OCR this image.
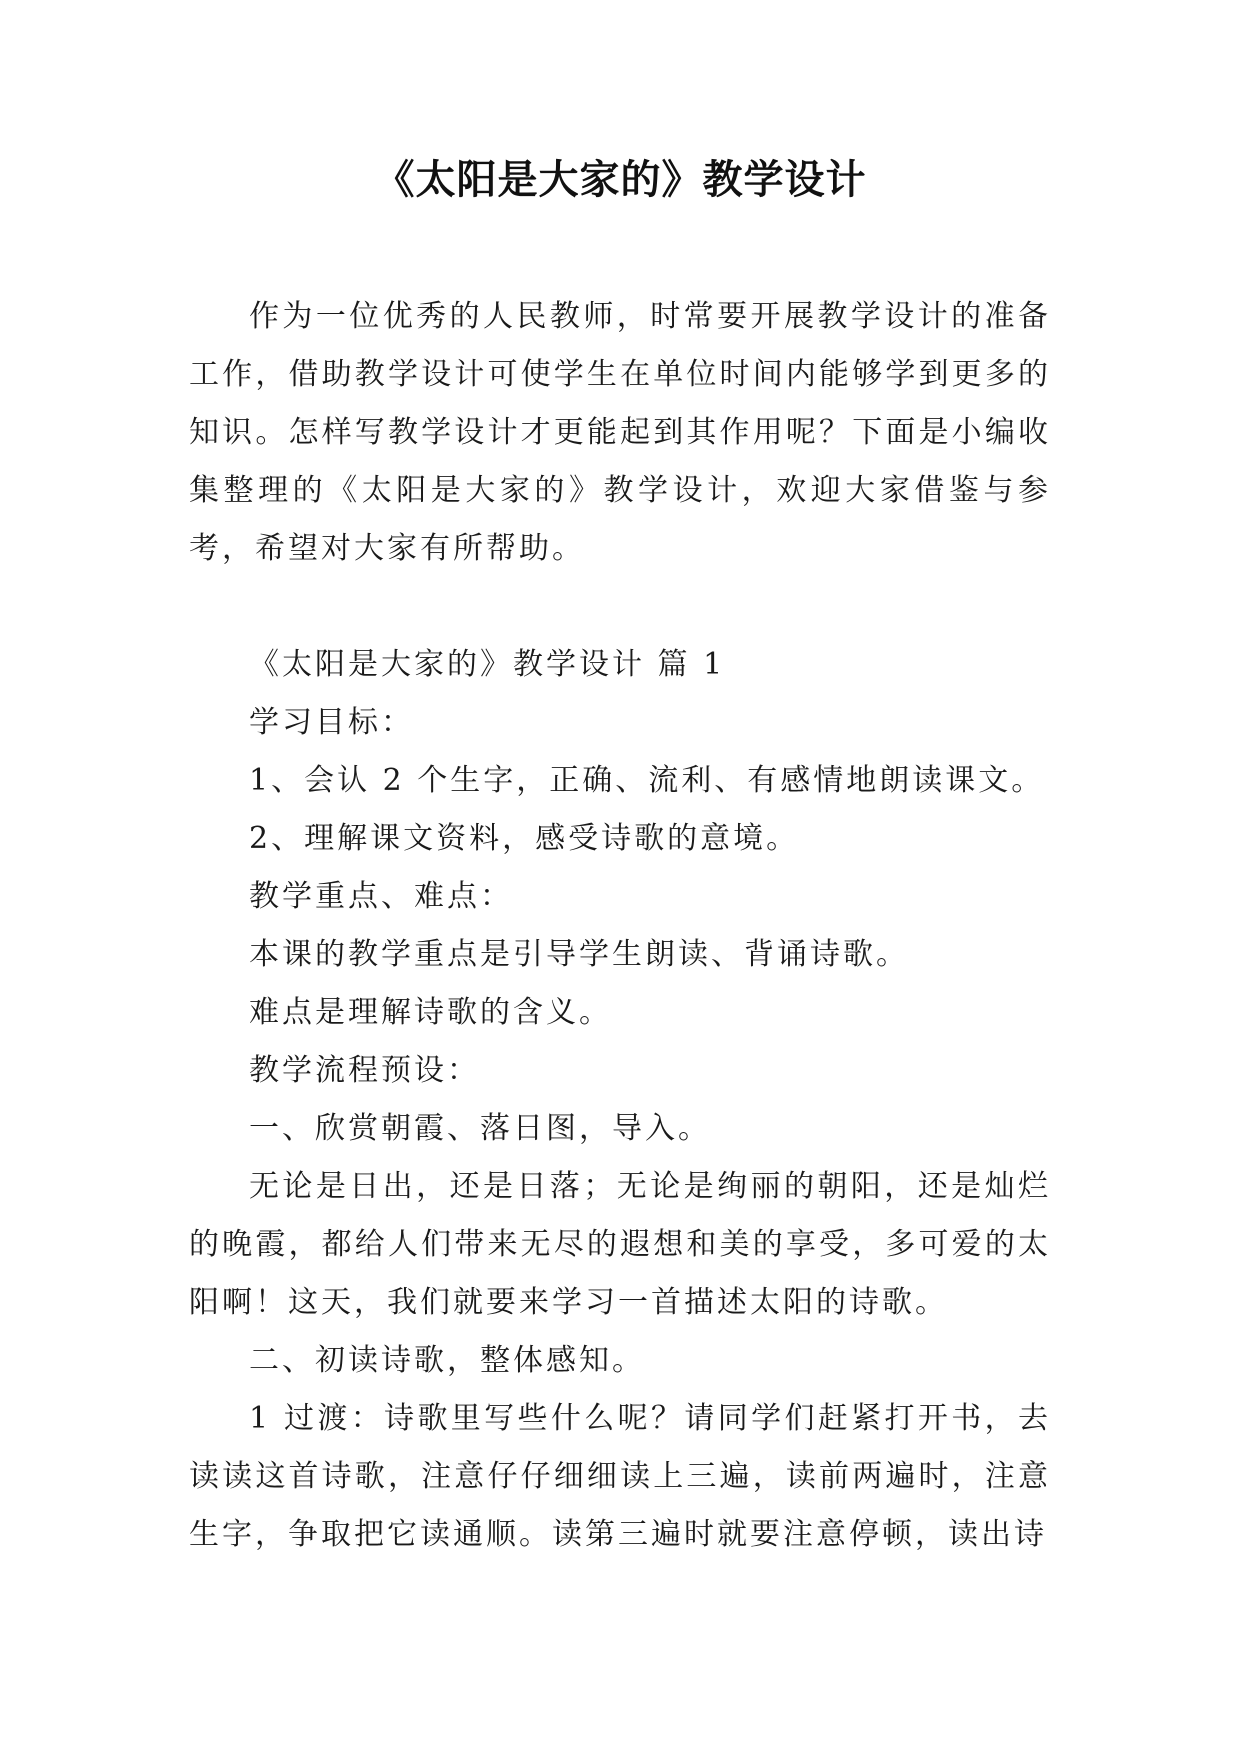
《太阳是大家的》教学设计

作为一位优秀的人民教师，时常要开展教学设计的准备工作，借助教学设计可使学生在单位时间内能够学到更多的知识。怎样写教学设计才更能起到其作用呢？下面是小编收集整理的《太阳是大家的》教学设计，欢迎大家借鉴与参考，希望对大家有所帮助。

《太阳是大家的》教学设计 篇 1

学习目标：

1、会认 2 个生字，正确、流利、有感情地朗读课文。

2、理解课文资料，感受诗歌的意境。

教学重点、难点：

本课的教学重点是引导学生朗读、背诵诗歌。

难点是理解诗歌的含义。

教学流程预设：

一、欣赏朝霞、落日图，导入。

无论是日出，还是日落；无论是绚丽的朝阳，还是灿烂的晚霞，都给人们带来无尽的遐想和美的享受，多可爱的太阳啊！这天，我们就要来学习一首描述太阳的诗歌。

二、初读诗歌，整体感知。

1 过渡：诗歌里写些什么呢？请同学们赶紧打开书，去读读这首诗歌，注意仔仔细细读上三遍，读前两遍时，注意生字，争取把它读通顺。读第三遍时就要注意停顿，读出诗
